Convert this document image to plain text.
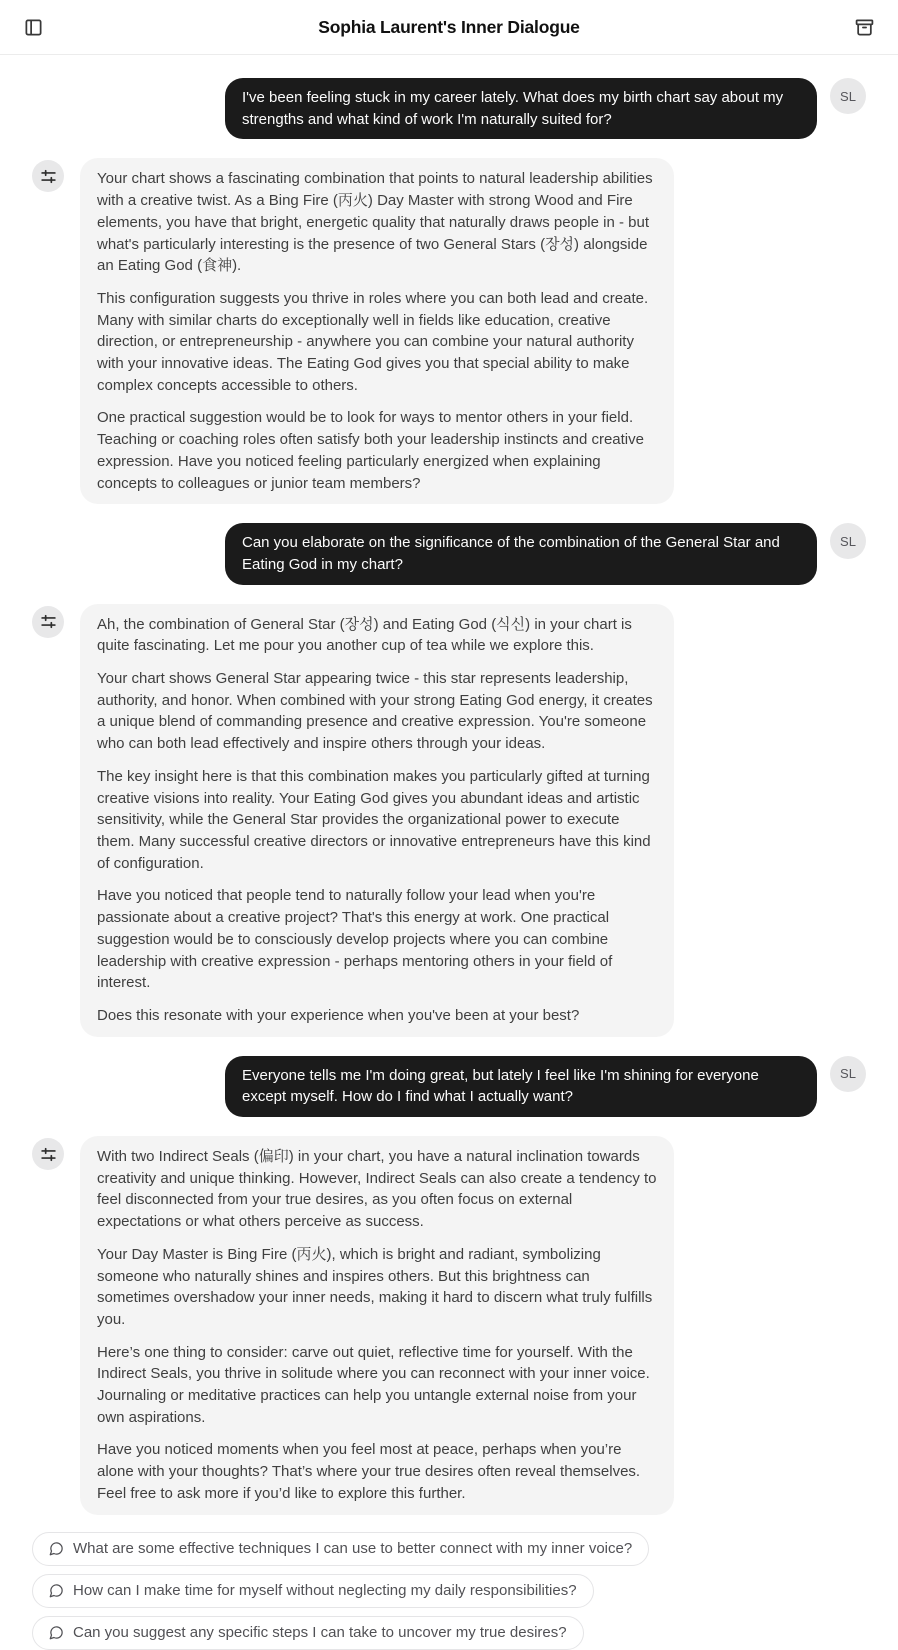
Sophia Laurent's Inner Dialogue

I've been feeling stuck in my career lately. What does my birth chart say about my strengths and what kind of work I'm naturally suited for?

SL

Your chart shows a fascinating combination that points to natural leadership abilities with a creative twist. As a Bing Fire (丙火) Day Master with strong Wood and Fire elements, you have that bright, energetic quality that naturally draws people in - but what's particularly interesting is the presence of two General Stars (장성) alongside an Eating God (食神).

This configuration suggests you thrive in roles where you can both lead and create. Many with similar charts do exceptionally well in fields like education, creative direction, or entrepreneurship - anywhere you can combine your natural authority with your innovative ideas. The Eating God gives you that special ability to make complex concepts accessible to others.

One practical suggestion would be to look for ways to mentor others in your field. Teaching or coaching roles often satisfy both your leadership instincts and creative expression. Have you noticed feeling particularly energized when explaining concepts to colleagues or junior team members?

Can you elaborate on the significance of the combination of the General Star and Eating God in my chart?

SL

Ah, the combination of General Star (장성) and Eating God (식신) in your chart is quite fascinating. Let me pour you another cup of tea while we explore this.

Your chart shows General Star appearing twice - this star represents leadership, authority, and honor. When combined with your strong Eating God energy, it creates a unique blend of commanding presence and creative expression. You're someone who can both lead effectively and inspire others through your ideas.

The key insight here is that this combination makes you particularly gifted at turning creative visions into reality. Your Eating God gives you abundant ideas and artistic sensitivity, while the General Star provides the organizational power to execute them. Many successful creative directors or innovative entrepreneurs have this kind of configuration.

Have you noticed that people tend to naturally follow your lead when you're passionate about a creative project? That's this energy at work. One practical suggestion would be to consciously develop projects where you can combine leadership with creative expression - perhaps mentoring others in your field of interest.

Does this resonate with your experience when you've been at your best?

Everyone tells me I'm doing great, but lately I feel like I'm shining for everyone except myself. How do I find what I actually want?

SL

With two Indirect Seals (偏印) in your chart, you have a natural inclination towards creativity and unique thinking. However, Indirect Seals can also create a tendency to feel disconnected from your true desires, as you often focus on external expectations or what others perceive as success.

Your Day Master is Bing Fire (丙火), which is bright and radiant, symbolizing someone who naturally shines and inspires others. But this brightness can sometimes overshadow your inner needs, making it hard to discern what truly fulfills you.

Here’s one thing to consider: carve out quiet, reflective time for yourself. With the Indirect Seals, you thrive in solitude where you can reconnect with your inner voice. Journaling or meditative practices can help you untangle external noise from your own aspirations.

Have you noticed moments when you feel most at peace, perhaps when you’re alone with your thoughts? That’s where your true desires often reveal themselves. Feel free to ask more if you’d like to explore this further.

What are some effective techniques I can use to better connect with my inner voice?
How can I make time for myself without neglecting my daily responsibilities?
Can you suggest any specific steps I can take to uncover my true desires?
